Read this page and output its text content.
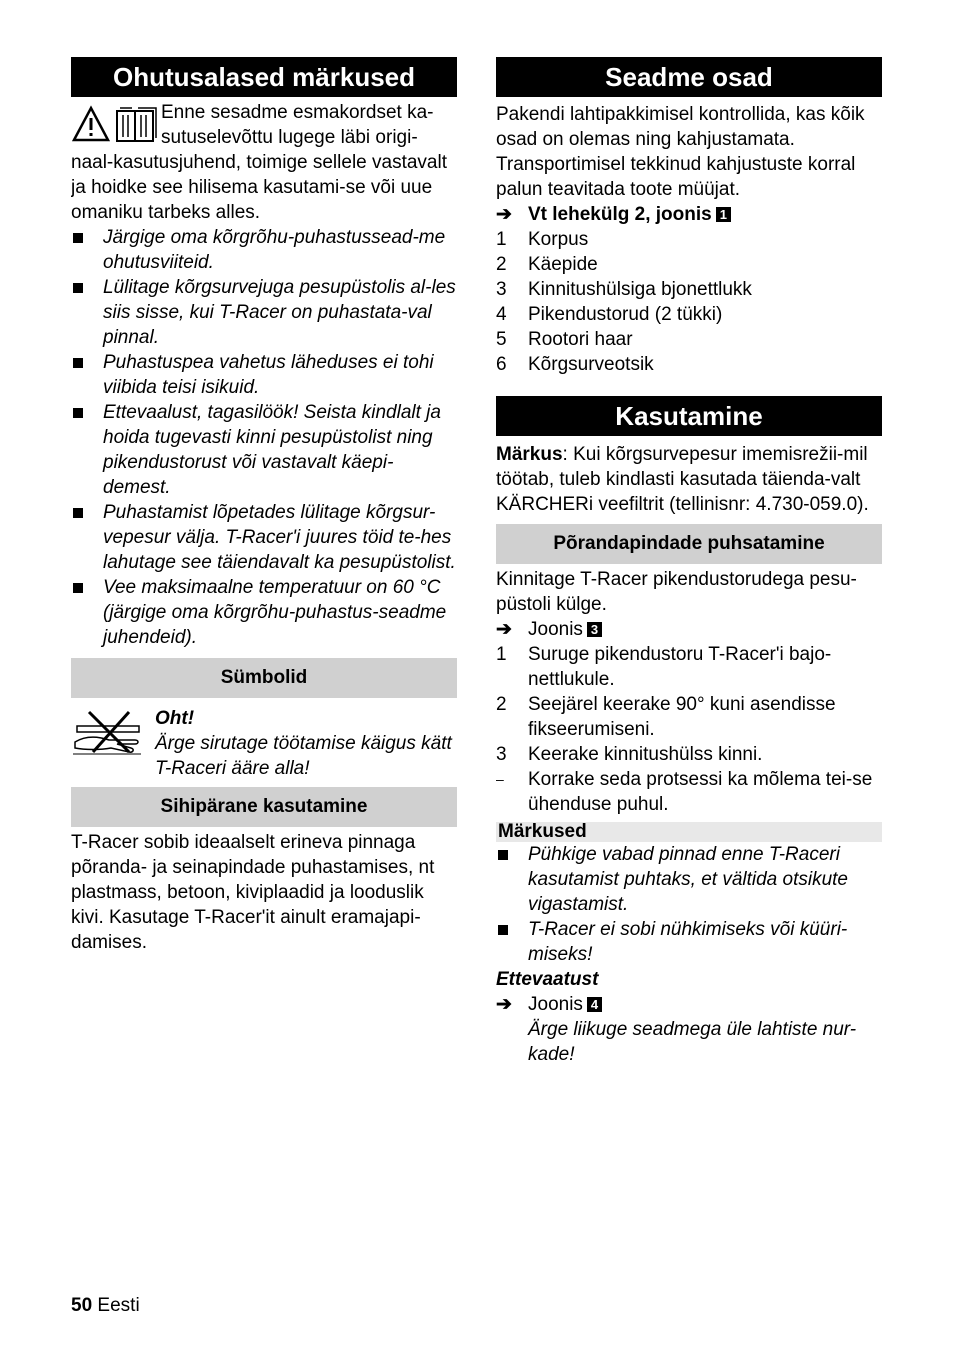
Ohutusalased märkused

Enne sesadme esmakordset ka-sutuselevõttu lugege läbi origi-naal-kasutusjuhend, toimige sellele vastavalt ja hoidke see hilisema kasutami-se või uue omaniku tarbeks alles.

Järgige oma kõrgrõhu-puhastussead-me ohutusviiteid.
Lülitage kõrgsurvejuga pesupüstolis al-les siis sisse, kui T-Racer on puhastata-val pinnal.
Puhastuspea vahetus läheduses ei tohi viibida teisi isikuid.
Ettevaalust, tagasilöök! Seista kindlalt ja hoida tugevasti kinni pesupüstolist ning pikendustorust või vastavalt käepi-demest.
Puhastamist lõpetades lülitage kõrgsur-vepesur välja. T-Racer'i juures töid te-hes lahutage see täiendavalt ka pesupüstolist.
Vee maksimaalne temperatuur on 60 °C (järgige oma kõrgrõhu-puhastus-seadme juhendeid).
Sümbolid

Oht!

Ärge sirutage töötamise käigus kätt T-Raceri ääre alla!

Sihipärane kasutamine

T-Racer sobib ideaalselt erineva pinnaga põranda- ja seinapindade puhastamises, nt plastmass, betoon, kiviplaadid ja looduslik kivi. Kasutage T-Racer'it ainult eramajapi-damises.

Seadme osad

Pakendi lahtipakkimisel kontrollida, kas kõik osad on olemas ning kahjustamata. Transportimisel tekkinud kahjustuste korral palun teavitada toote müüjat.

➔ Vt lehekülg 2, joonis 1
1	Korpus
2	Käepide
3	Kinnitushülsiga bjonettlukk
4	Pikendustorud (2 tükki)
5	Rootori haar
6	Kõrgsurveotsik
Kasutamine

Märkus: Kui kõrgsurvepesur imemisrežii-mil töötab, tuleb kindlasti kasutada täienda-valt KÄRCHERi veefiltrit (tellinisnr: 4.730-059.0).

Põrandapindade puhsatamine

Kinnitage T-Racer pikendustorudega pesu-püstoli külge.

➔ Joonis 3
1	Suruge pikendustoru T-Racer'i bajo-nettlukule.
2	Seejärel keerake 90° kuni asendisse fikseerumiseni.
3	Keerake kinnitushülss kinni.
–	Korrake seda protsessi ka mõlema tei-se ühenduse puhul.
Märkused
Pühkige vabad pinnad enne T-Raceri kasutamist puhtaks, et vältida otsikute vigastamist.
T-Racer ei sobi nühkimiseks või küüri-miseks!

Ettevaatust

➔ Joonis 4
Ärge liikuge seadmega üle lahtiste nur-kade!
50 Eesti
